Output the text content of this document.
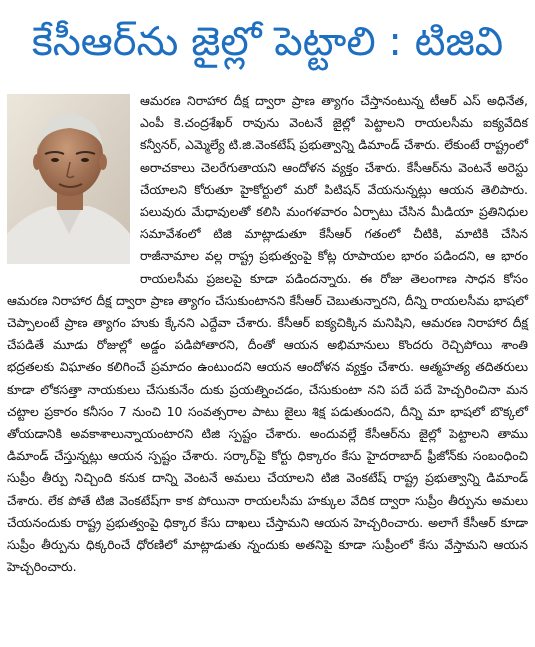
కేసీఆర్‌ను జైల్లో పెట్టాలి : టిజివి
ఆమరణ నిరాహార దీక్ష ద్వారా ప్రాణ త్యాగం చేస్తానంటున్న టీఆర్ ఎస్ అధినేత, ఎంపీ కె.చంద్రశేఖర్ రావును వెంటనే జైల్లో పెట్టాలని రాయలసీమ ఐక్యవేదిక కన్వీనర్, ఎమ్మెల్యే టి.జి.వెంకటేష్ ప్రభుత్వాన్ని డిమాండ్ చేశారు. లేకుంటే రాష్ట్రంలో అరాచకాలు చెలరేగుతాయని ఆందోళన వ్యక్తం చేశారు. కేసీఆర్‌ను వెంటనే అరెస్టు చేయాలని కోరుతూ హైకోర్టులో మరో పిటిషన్ వేయనున్నట్లు ఆయన తెలిపారు. పలువురు మేధావులతో కలిసి మంగళవారం ఏర్పాటు చేసిన మీడియా ప్రతినిధుల సమావేశంలో టిజి మాట్లాడుతూ కేసీఆర్ గతంలో చీటికి, మాటికి చేసిన రాజీనామాల వల్ల రాష్ట్ర ప్రభుత్వంపై కోట్ల రూపాయల భారం పడిందని, ఆ భారం రాయలసీమ ప్రజలపై కూడా పడిందన్నారు. ఈ రోజు తెలంగాణ సాధన కోసం ఆమరణ నిరాహార దీక్ష ద్వారా ప్రాణ త్యాగం చేసుకుంటానని కేసీఆర్ చెబుతున్నారని, దీన్ని రాయలసీమ భాషలో చెప్పాలంటే ప్రాణ త్యాగం హుకు క్కేనని ఎద్దేవా చేశారు. కేసీఆర్ ఐక్యచిక్కిన మనిషిని, ఆమరణ నిరాహార దీక్ష చేపడితే మూడు రోజుల్లో అడ్డం పడిపోతారని, దీంతో ఆయన అభిమానులు కొందరు రెచ్చిపోయి శాంతి భద్రతలకు విఘాతం కలిగించే ప్రమాదం ఉంటుందని ఆయన ఆందోళన వ్యక్తం చేశారు. ఆత్మహత్య తదితరులు కూడా లోకసత్తా నాయకులు చేసుకునేం దుకు ప్రయత్నించడం, చేసుకుంటా నని పదే పదే హెచ్చరించినా మన చట్టాల ప్రకారం కనీసం 7 నుంచి 10 సంవత్సరాల పాటు జైలు శిక్ష పడుతుందని, దీన్ని మా భాషలో బొక్కలో తోయడానికి అవకాశాలున్నాయంటారని టిజి స్పష్టం చేశారు. అందువల్లే కేసీఆర్‌ను జైల్లో పెట్టాలని తాము డిమాండ్ చేస్తున్నట్లు ఆయన స్పష్టం చేశారు. సర్కార్‌పై కోర్టు ధిక్కారం కేసు హైదరాబాద్ ఫ్రీజోన్‌కు సంబంధించి సుప్రీం తీర్పు నిచ్చింది కనుక దాన్ని వెంటనే అమలు చేయాలని టిజి వెంకటేష్ రాష్ట్ర ప్రభుత్వాన్ని డిమాండ్ చేశారు. లేక పోతే టిజి వెంకటేష్‌గా కాక పోయినా రాయలసీమ హక్కుల వేదిక ద్వారా సుప్రీం తీర్పును అమలు చేయనందుకు రాష్ట్ర ప్రభుత్వంపై ధిక్కార కేసు దాఖలు చేస్తామని ఆయన హెచ్చరించారు. అలాగే కేసీఆర్ కూడా సుప్రీం తీర్పును ధిక్కరించే ధోరణిలో మాట్లాడుతు న్నందుకు అతనిపై కూడా సుప్రీంలో కేసు వేస్తామని ఆయన హెచ్చరించారు.
